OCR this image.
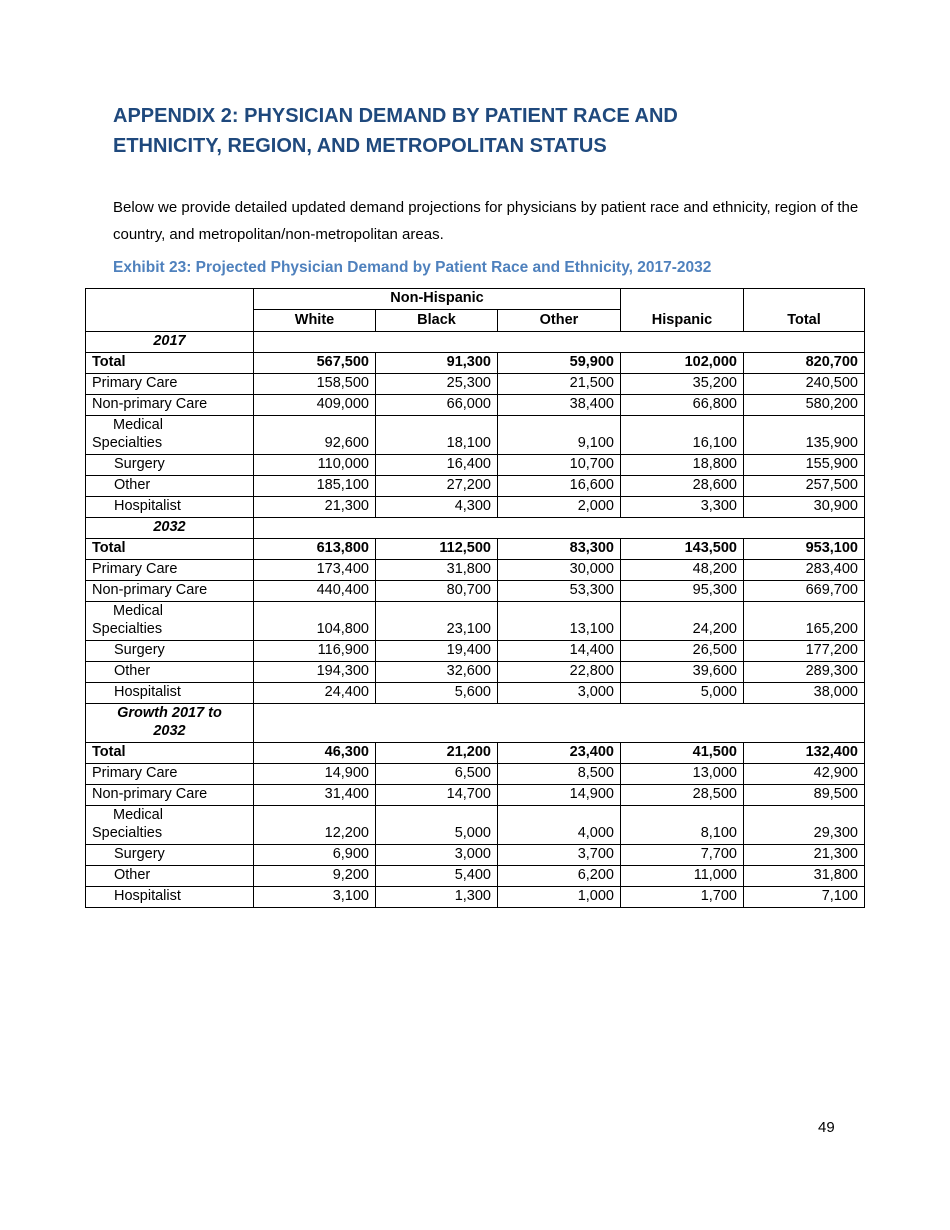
APPENDIX 2: PHYSICIAN DEMAND BY PATIENT RACE AND ETHNICITY, REGION, AND METROPOLITAN STATUS

Below we provide detailed updated demand projections for physicians by patient race and ethnicity, region of the country, and metropolitan/non-metropolitan areas.

Exhibit 23: Projected Physician Demand by Patient Race and Ethnicity, 2017-2032
	Non-Hispanic			Hispanic	Total
	White	Black	Other		
2017					
Total	567,500	91,300	59,900	102,000	820,700
Primary Care	158,500	25,300	21,500	35,200	240,500
Non-primary Care	409,000	66,000	38,400	66,800	580,200
Medical
Specialties	92,600	18,100	9,100	16,100	135,900
Surgery	110,000	16,400	10,700	18,800	155,900
Other	185,100	27,200	16,600	28,600	257,500
Hospitalist	21,300	4,300	2,000	3,300	30,900
2032					
Total	613,800	112,500	83,300	143,500	953,100
Primary Care	173,400	31,800	30,000	48,200	283,400
Non-primary Care	440,400	80,700	53,300	95,300	669,700
Medical
Specialties	104,800	23,100	13,100	24,200	165,200
Surgery	116,900	19,400	14,400	26,500	177,200
Other	194,300	32,600	22,800	39,600	289,300
Hospitalist	24,400	5,600	3,000	5,000	38,000
Growth 2017 to
2032					
Total	46,300	21,200	23,400	41,500	132,400
Primary Care	14,900	6,500	8,500	13,000	42,900
Non-primary Care	31,400	14,700	14,900	28,500	89,500
Medical
Specialties	12,200	5,000	4,000	8,100	29,300
Surgery	6,900	3,000	3,700	7,700	21,300
Other	9,200	5,400	6,200	11,000	31,800
Hospitalist	3,100	1,300	1,000	1,700	7,100
49
